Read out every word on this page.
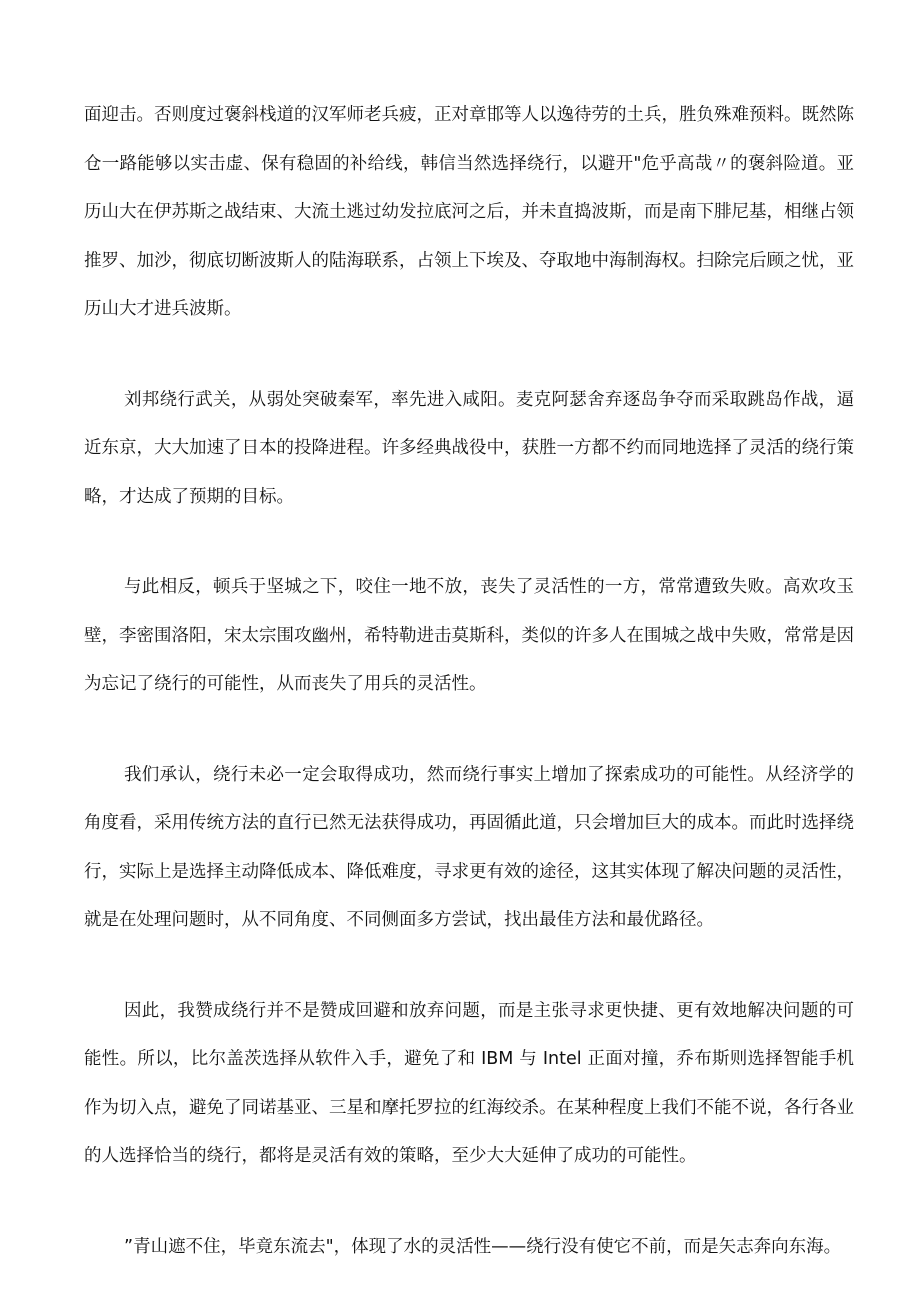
面迎击。否则度过褒斜栈道的汉军师老兵疲，正对章邯等人以逸待劳的土兵，胜负殊难预料。既然陈仓一路能够以实击虚、保有稳固的补给线，韩信当然选择绕行，以避开"危乎高哉〃的褒斜险道。亚历山大在伊苏斯之战结束、大流土逃过幼发拉底河之后，并未直捣波斯，而是南下腓尼基，相继占领推罗、加沙，彻底切断波斯人的陆海联系，占领上下埃及、夺取地中海制海权。扫除完后顾之忧，亚历山大才进兵波斯。

刘邦绕行武关，从弱处突破秦军，率先进入咸阳。麦克阿瑟舍弃逐岛争夺而采取跳岛作战，逼近东京，大大加速了日本的投降进程。许多经典战役中，获胜一方都不约而同地选择了灵活的绕行策略，才达成了预期的目标。

与此相反，顿兵于坚城之下，咬住一地不放，丧失了灵活性的一方，常常遭致失败。高欢攻玉壁，李密围洛阳，宋太宗围攻幽州，希特勒进击莫斯科，类似的许多人在围城之战中失败，常常是因为忘记了绕行的可能性，从而丧失了用兵的灵活性。

我们承认，绕行未必一定会取得成功，然而绕行事实上增加了探索成功的可能性。从经济学的角度看，采用传统方法的直行已然无法获得成功，再固循此道，只会增加巨大的成本。而此时选择绕行，实际上是选择主动降低成本、降低难度，寻求更有效的途径，这其实体现了解决问题的灵活性，就是在处理问题时，从不同角度、不同侧面多方尝试，找出最佳方法和最优路径。

因此，我赞成绕行并不是赞成回避和放弃问题，而是主张寻求更快捷、更有效地解决问题的可能性。所以，比尔盖茨选择从软件入手，避免了和 IBM 与 Intel 正面对撞，乔布斯则选择智能手机作为切入点，避免了同诺基亚、三星和摩托罗拉的红海绞杀。在某种程度上我们不能不说，各行各业的人选择恰当的绕行，都将是灵活有效的策略，至少大大延伸了成功的可能性。

”青山遮不住，毕竟东流去"，体现了水的灵活性——绕行没有使它不前，而是矢志奔向东海。
